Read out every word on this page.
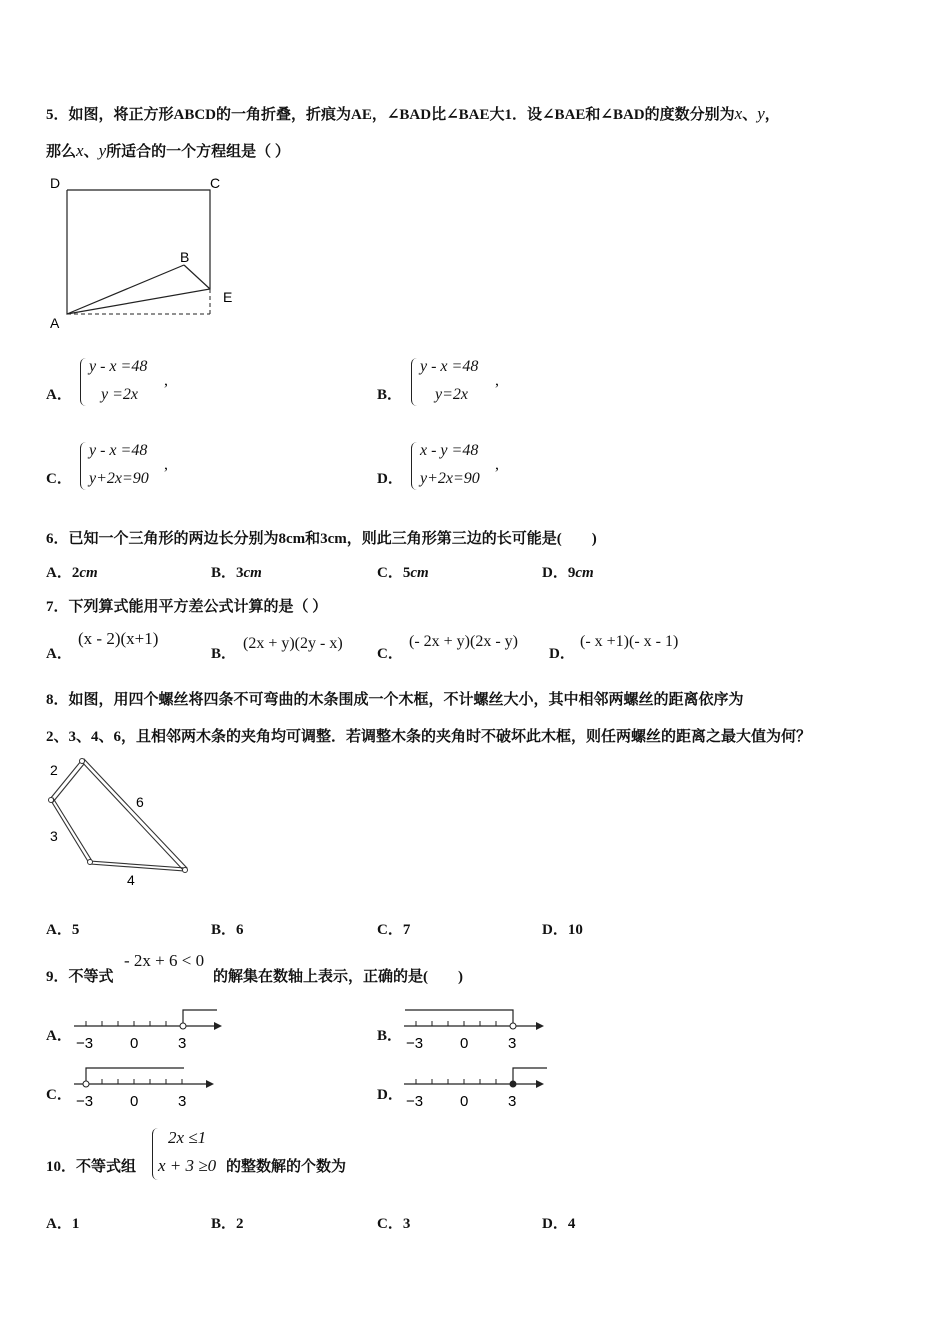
5．如图，将正方形ABCD的一角折叠，折痕为AE，∠BAD比∠BAE大1．设∠BAE和∠BAD的度数分别为x、y，
那么x、y所适合的一个方程组是（ ）
D	C
B
E
A
A．
y - x =48
y =2x
,
B．
y - x =48
y=2x
,
C．
y - x =48
y+2x=90
,
D．
x - y =48
y+2x=90
,
6．已知一个三角形的两边长分别为8cm和3cm，则此三角形第三边的长可能是(　　)
A．2cm	B．3cm	C．5cm	D．9cm
7．下列算式能用平方差公式计算的是（ ）
A．
(x - 2)(x+1)
B．
(2x + y)(2y - x)
C．
(- 2x + y)(2x - y)
D．
(- x +1)(- x - 1)
8．如图，用四个螺丝将四条不可弯曲的木条围成一个木框，不计螺丝大小，其中相邻两螺丝的距离依序为
2、3、4、6，且相邻两木条的夹角均可调整．若调整木条的夹角时不破坏此木框，则任两螺丝的距离之最大值为何？
2
6
3
4
A．5	B．6	C．7	D．10
9．不等式
- 2x + 6 < 0
的解集在数轴上表示，正确的是(　　)
A． −3 0	3	B． −3 0	3
C． −3 0	3	D． −3 0	3
10．不等式组
2x ≤1
x + 3 ≥0 的整数解的个数为
A．1	B．2	C．3	D．4
